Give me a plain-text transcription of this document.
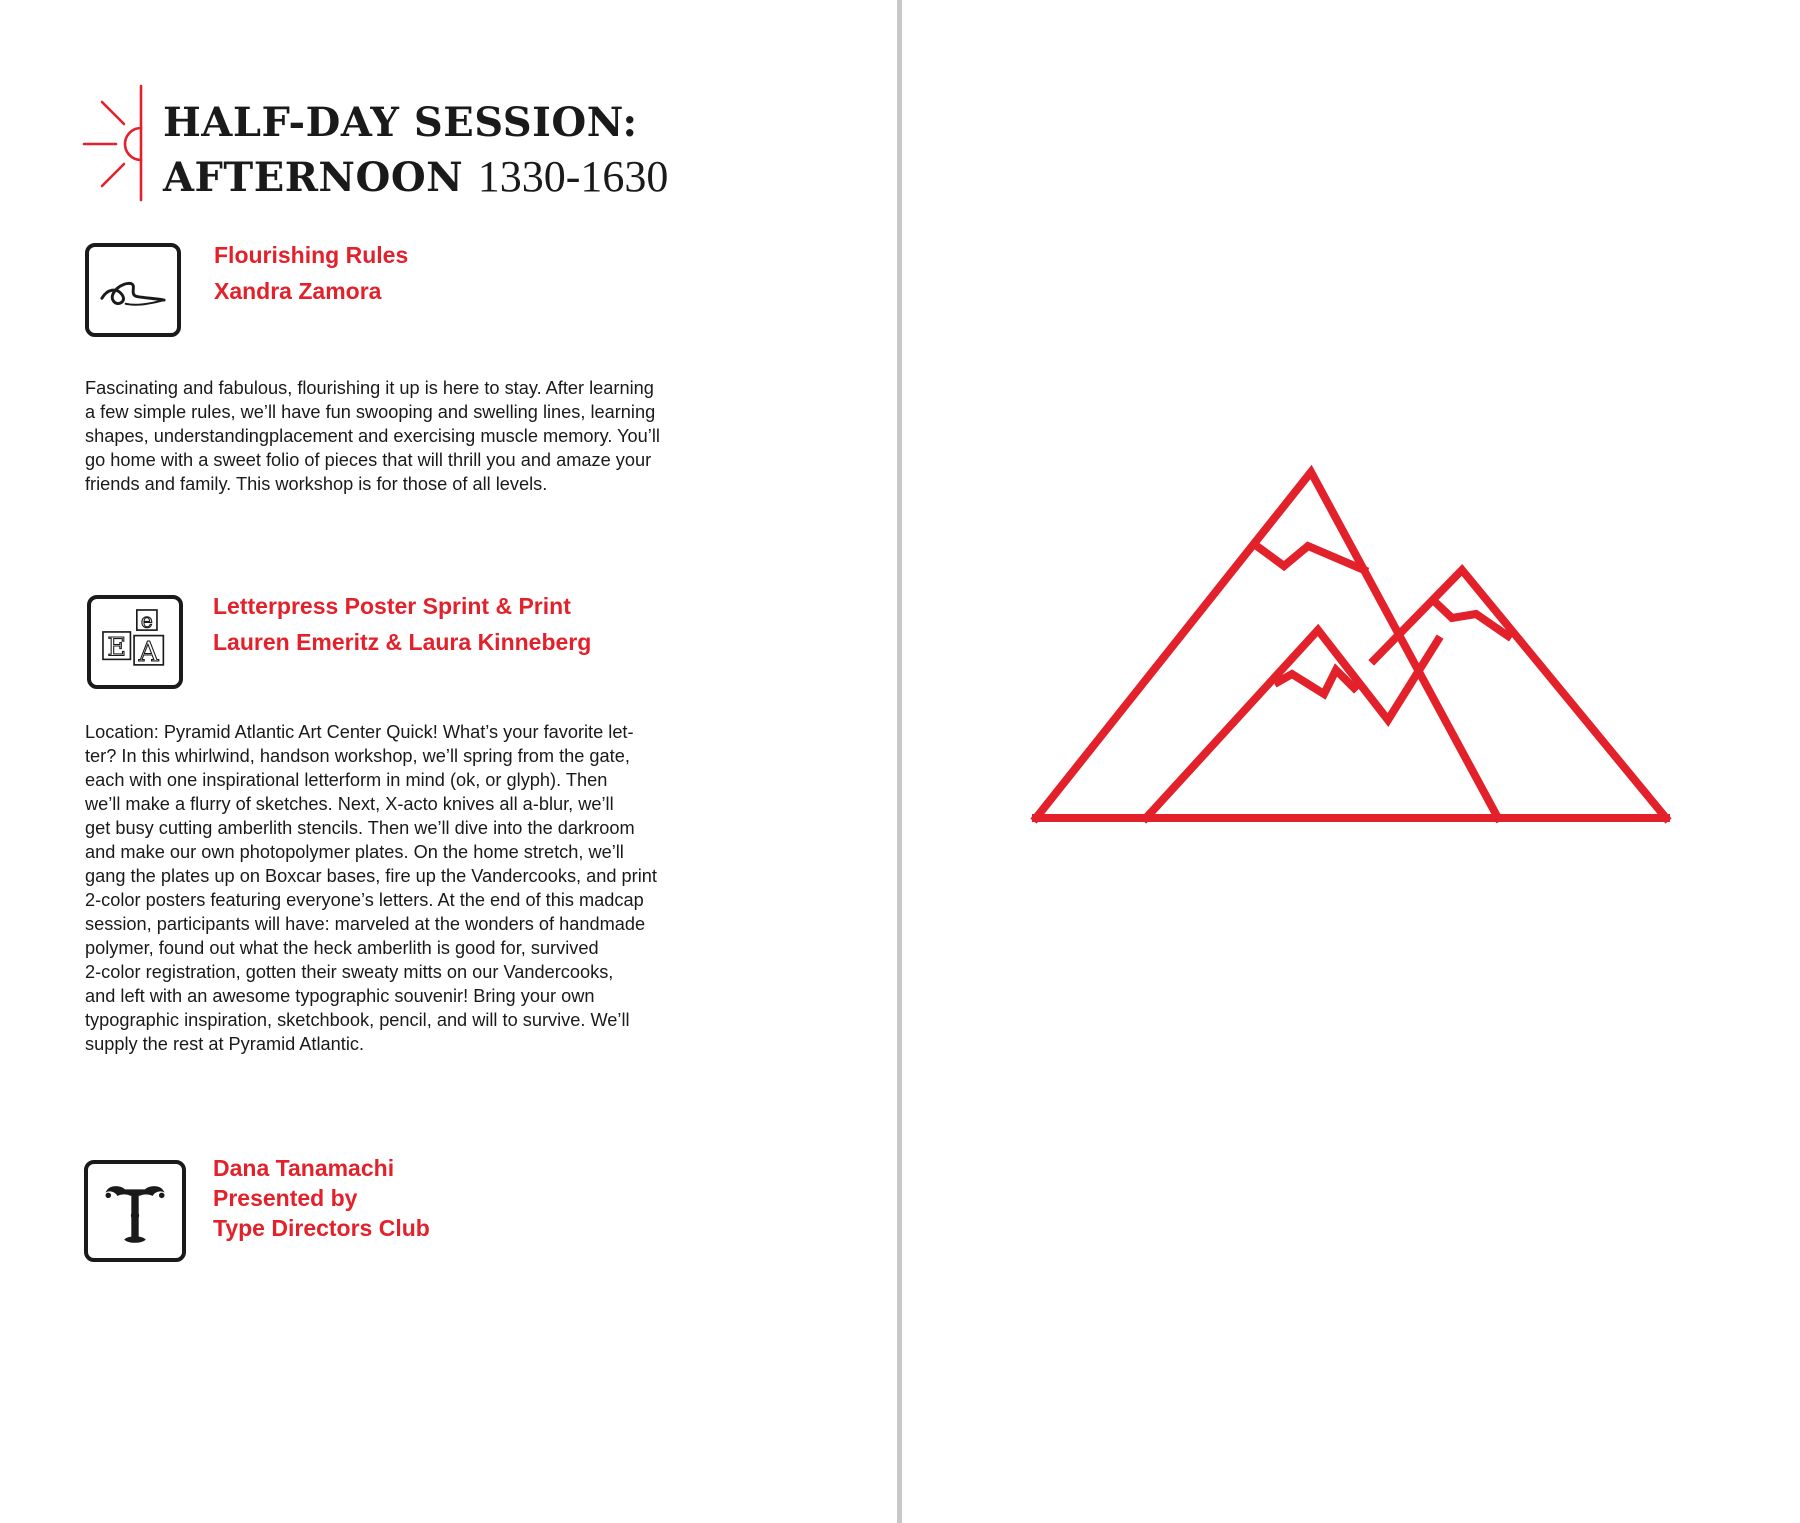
HALF-DAY SESSION:
AFTERNOON 1330-1630
Flourishing Rules
Xandra Zamora

Fascinating and fabulous, flourishing it up is here to stay. After learning
a few simple rules, we’ll have fun swooping and swelling lines, learning
shapes, understandingplacement and exercising muscle memory. You’ll
go home with a sweet folio of pieces that will thrill you and amaze your
friends and family. This workshop is for those of all levels.

e
E A
Letterpress Poster Sprint & Print
Lauren Emeritz & Laura Kinneberg

Location: Pyramid Atlantic Art Center Quick! What’s your favorite let-
ter? In this whirlwind, handson workshop, we’ll spring from the gate,
each with one inspirational letterform in mind (ok, or glyph). Then
we’ll make a flurry of sketches. Next, X-acto knives all a-blur, we’ll
get busy cutting amberlith stencils. Then we’ll dive into the darkroom
and make our own photopolymer plates. On the home stretch, we’ll
gang the plates up on Boxcar bases, fire up the Vandercooks, and print
2-color posters featuring everyone’s letters. At the end of this madcap
session, participants will have: marveled at the wonders of handmade
polymer, found out what the heck amberlith is good for, survived
2-color registration, gotten their sweaty mitts on our Vandercooks,
and left with an awesome typographic souvenir! Bring your own
typographic inspiration, sketchbook, pencil, and will to survive. We’ll
supply the rest at Pyramid Atlantic.

Dana Tanamachi
Presented by
Type Directors Club
